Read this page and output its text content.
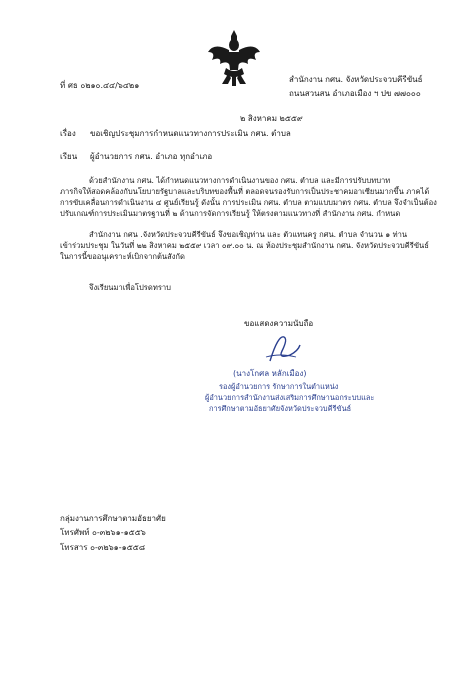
ที่ ศธ ๐๒๑๐.๔๔/๖๔๒๑
สำนักงาน กศน. จังหวัดประจวบคีรีขันธ์
ถนนสวนสน อำเภอเมือง ฯ ปข ๗๗๐๐๐
๒ สิงหาคม ๒๕๕๙
เรื่อง ขอเชิญประชุมการกำหนดแนวทางการประเมิน กศน. ตำบล
เรียน ผู้อำนวยการ กศน. อำเภอ ทุกอำเภอ
ด้วยสำนักงาน กศน. ได้กำหนดแนวทางการดำเนินงานของ กศน. ตำบล และมีการปรับบทบาท
ภารกิจให้สอดคล้องกับนโยบายรัฐบาลและบริบทของพื้นที่ ตลอดจนรองรับการเป็นประชาคมอาเซียนมากขึ้น ภาคได้
การขับเคลื่อนการดำเนินงาน ๔ ศูนย์เรียนรู้ ดังนั้น การประเมิน กศน. ตำบล ตามแบบมาตร กศน. ตำบล จึงจำเป็นต้อง
ปรับเกณฑ์การประเมินมาตรฐานที่ ๒ ด้านการจัดการเรียนรู้ ให้ตรงตามแนวทางที่ สำนักงาน กศน. กำหนด
สำนักงาน กศน .จังหวัดประจวบคีรีขันธ์ จึงขอเชิญท่าน และ ตัวแทนครู กศน. ตำบล จำนวน ๑ ท่าน
เข้าร่วมประชุม ในวันที่ ๒๒ สิงหาคม ๒๕๕๙ เวลา ๐๙.๐๐ น. ณ ห้องประชุมสำนักงาน กศน. จังหวัดประจวบคีรีขันธ์
ในการนี้ขออนุเคราะห์เบิกจากต้นสังกัด
จึงเรียนมาเพื่อโปรดทราบ
ขอแสดงความนับถือ
(นางโกศล หลักเมือง)
รองผู้อำนวยการ รักษาการในตำแหน่ง
ผู้อำนวยการสำนักงานส่งเสริมการศึกษานอกระบบและ
การศึกษาตามอัธยาศัยจังหวัดประจวบคีรีขันธ์
กลุ่มงานการศึกษาตามอัธยาศัย
โทรศัพท์ ๐-๓๒๖๑-๑๕๕๖
โทรสาร ๐-๓๒๖๑-๑๕๕๘
